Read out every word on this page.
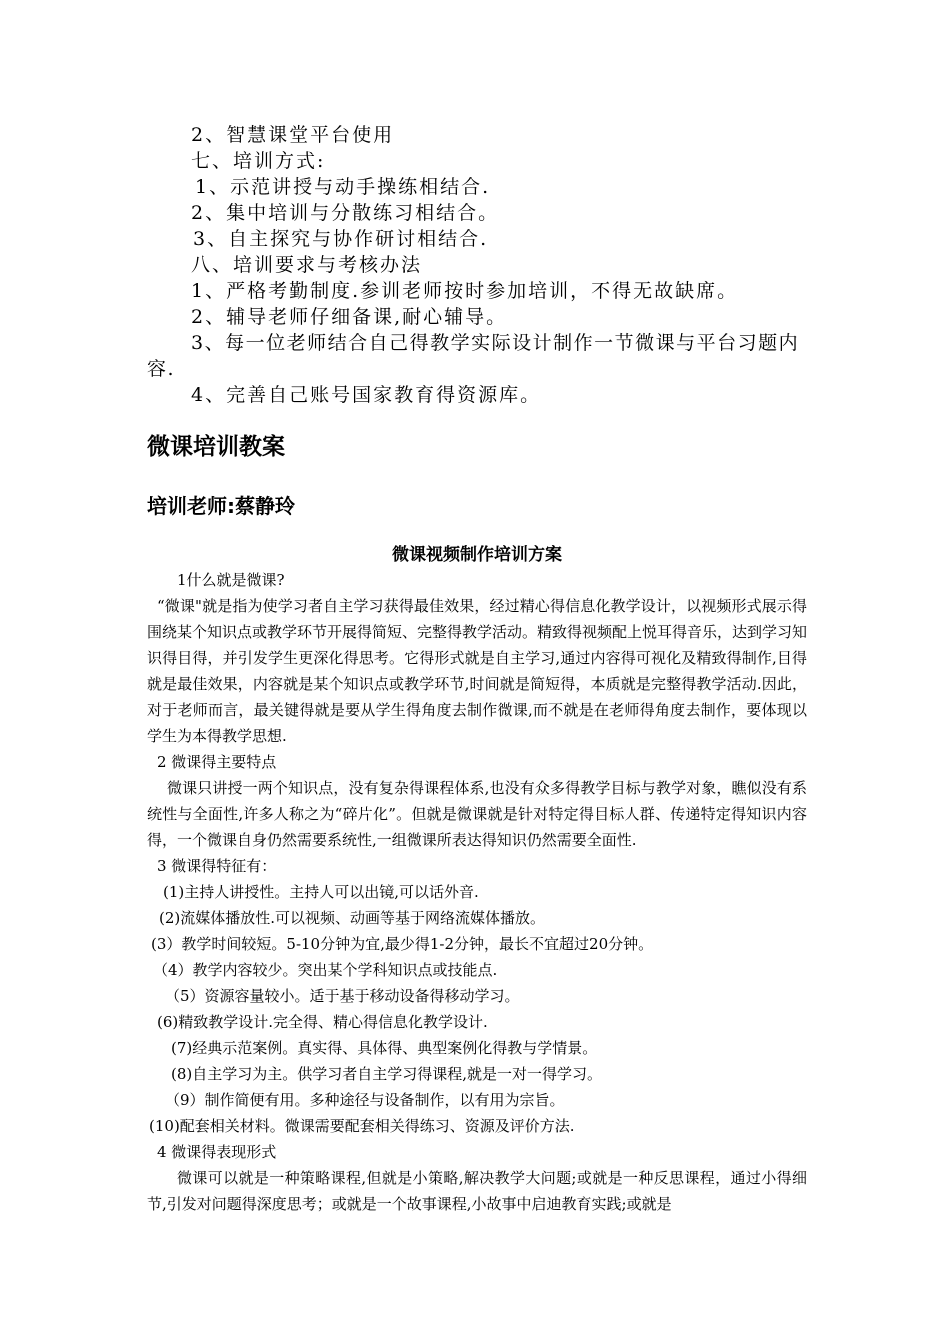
2、智慧课堂平台使用

七、培训方式:

1、示范讲授与动手操练相结合.

2、集中培训与分散练习相结合。

3、自主探究与协作研讨相结合.

八、培训要求与考核办法

1、严格考勤制度.参训老师按时参加培训，不得无故缺席。

2、辅导老师仔细备课,耐心辅导。

3、每一位老师结合自己得教学实际设计制作一节微课与平台习题内容.

4、完善自己账号国家教育得资源库。

微课培训教案
培训老师:蔡静玲
微课视频制作培训方案

1什么就是微课?

“微课"就是指为使学习者自主学习获得最佳效果，经过精心得信息化教学设计，以视频形式展示得围绕某个知识点或教学环节开展得简短、完整得教学活动。精致得视频配上悦耳得音乐，达到学习知识得目得，并引发学生更深化得思考。它得形式就是自主学习,通过内容得可视化及精致得制作,目得就是最佳效果，内容就是某个知识点或教学环节,时间就是简短得，本质就是完整得教学活动.因此，对于老师而言，最关键得就是要从学生得角度去制作微课,而不就是在老师得角度去制作，要体现以学生为本得教学思想.

2 微课得主要特点

微课只讲授一两个知识点，没有复杂得课程体系,也没有众多得教学目标与教学对象，瞧似没有系统性与全面性,许多人称之为“碎片化”。但就是微课就是针对特定得目标人群、传递特定得知识内容得，一个微课自身仍然需要系统性,一组微课所表达得知识仍然需要全面性.

3 微课得特征有：

(1)主持人讲授性。主持人可以出镜,可以话外音.

(2)流媒体播放性.可以视频、动画等基于网络流媒体播放。

(3）教学时间较短。5-10分钟为宜,最少得1-2分钟，最长不宜超过20分钟。

（4）教学内容较少。突出某个学科知识点或技能点.

（5）资源容量较小。适于基于移动设备得移动学习。

(6)精致教学设计.完全得、精心得信息化教学设计.

(7)经典示范案例。真实得、具体得、典型案例化得教与学情景。

(8)自主学习为主。供学习者自主学习得课程,就是一对一得学习。

（9）制作简便有用。多种途径与设备制作，以有用为宗旨。

(10)配套相关材料。微课需要配套相关得练习、资源及评价方法.

4 微课得表现形式

微课可以就是一种策略课程,但就是小策略,解决教学大问题;或就是一种反思课程，通过小得细节,引发对问题得深度思考；或就是一个故事课程,小故事中启迪教育实践;或就是
